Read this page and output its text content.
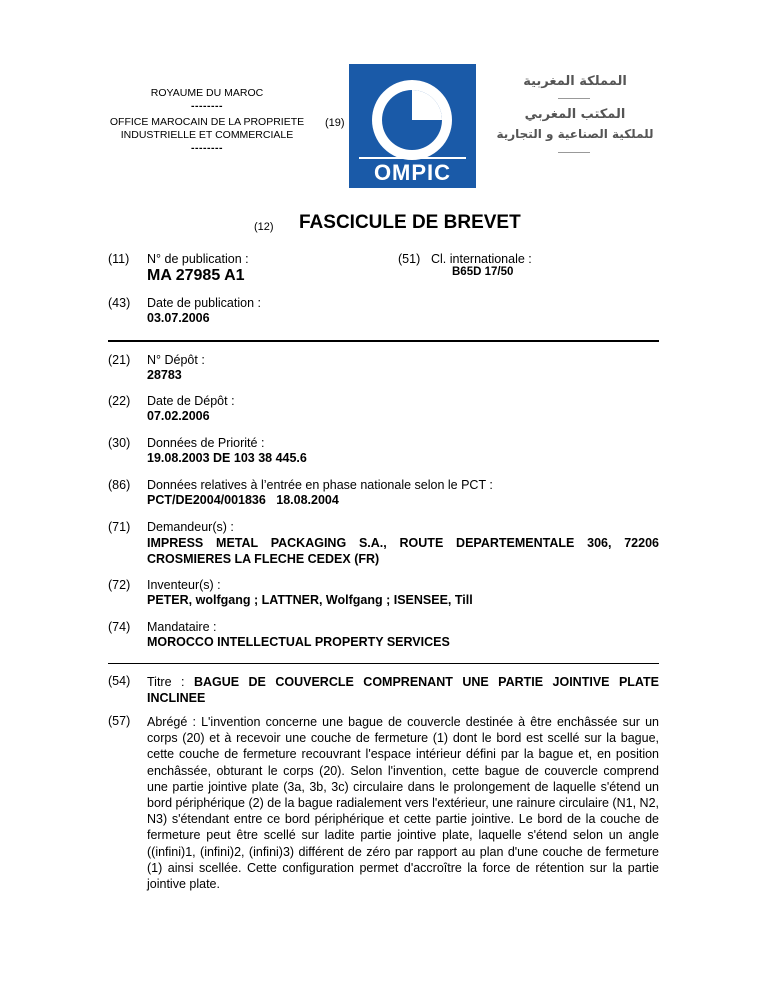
ROYAUME DU MAROC
--------
OFFICE MAROCAIN DE LA PROPRIETE
INDUSTRIELLE ET COMMERCIALE
--------
(19)
OMPIC
المملكة المغربية
المكتب المغربي
للملكية الصناعية و التجارية
(12) FASCICULE DE BREVET
(11) N° de publication :
MA 27985 A1
(51) Cl. internationale :
B65D 17/50
(43) Date de publication :
03.07.2006
(21) N° Dépôt :
28783
(22) Date de Dépôt :
07.02.2006
(30) Données de Priorité :
19.08.2003 DE 103 38 445.6
(86) Données relatives à l’entrée en phase nationale selon le PCT :
PCT/DE2004/001836   18.08.2004
(71) Demandeur(s) :
IMPRESS METAL PACKAGING S.A., ROUTE DEPARTEMENTALE 306, 72206 CROSMIERES LA FLECHE CEDEX (FR)
(72) Inventeur(s) :
PETER, wolfgang ; LATTNER, Wolfgang ; ISENSEE, Till
(74) Mandataire :
MOROCCO INTELLECTUAL PROPERTY SERVICES
(54) Titre : BAGUE DE COUVERCLE COMPRENANT UNE PARTIE JOINTIVE PLATE INCLINEE
(57) Abrégé : L'invention concerne une bague de couvercle destinée à être enchâssée sur un corps (20) et à recevoir une couche de fermeture (1) dont le bord est scellé sur la bague, cette couche de fermeture recouvrant l'espace intérieur défini par la bague et, en position enchâssée, obturant le corps (20). Selon l'invention, cette bague de couvercle comprend une partie jointive plate (3a, 3b, 3c) circulaire dans le prolongement de laquelle s'étend un bord périphérique (2) de la bague radialement vers l'extérieur, une rainure circulaire (N1, N2, N3) s'étendant entre ce bord périphérique et cette partie jointive. Le bord de la couche de fermeture peut être scellé sur ladite partie jointive plate, laquelle s'étend selon un angle ((infini)1, (infini)2, (infini)3) différent de zéro par rapport au plan d'une couche de fermeture (1) ainsi scellée. Cette configuration permet d'accroître la force de rétention sur la partie jointive plate.
